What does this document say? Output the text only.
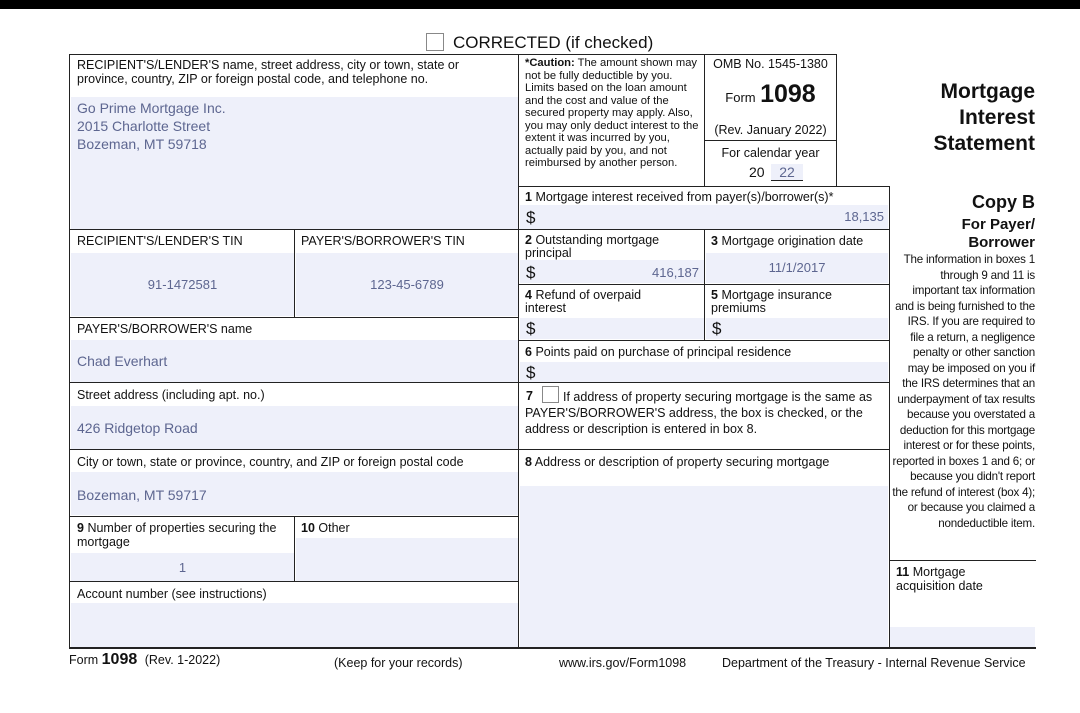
CORRECTED (if checked)
RECIPIENT'S/LENDER'S name, street address, city or town, state or province, country, ZIP or foreign postal code, and telephone no.
Go Prime Mortgage Inc.
2015 Charlotte Street
Bozeman, MT 59718
*Caution: The amount shown may not be fully deductible by you. Limits based on the loan amount and the cost and value of the secured property may apply. Also, you may only deduct interest to the extent it was incurred by you, actually paid by you, and not reimbursed by another person.
OMB No. 1545-1380
Form 1098
(Rev. January 2022)
For calendar year
20	22
Mortgage
Interest
Statement
Copy B
For Payer/
Borrower
The information in boxes 1 through 9 and 11 is important tax information and is being furnished to the IRS. If you are required to file a return, a negligence penalty or other sanction may be imposed on you if the IRS determines that an underpayment of tax results because you overstated a deduction for this mortgage interest or for these points, reported in boxes 1 and 6; or because you didn't report the refund of interest (box 4); or because you claimed a nondeductible item.
1 Mortgage interest received from payer(s)/borrower(s)*
$	18,135
RECIPIENT'S/LENDER'S TIN
91-1472581
PAYER'S/BORROWER'S TIN
123-45-6789
2 Outstanding mortgage principal
$	416,187
3 Mortgage origination date
11/1/2017
4 Refund of overpaid interest
$
5 Mortgage insurance premiums
$
PAYER'S/BORROWER'S name
Chad Everhart
6 Points paid on purchase of principal residence
$
Street address (including apt. no.)
426 Ridgetop Road
7	If address of property securing mortgage is the same as PAYER'S/BORROWER'S address, the box is checked, or the address or description is entered in box 8.
City or town, state or province, country, and ZIP or foreign postal code
Bozeman, MT 59717
8 Address or description of property securing mortgage
9 Number of properties securing the mortgage
1
10 Other
11 Mortgage acquisition date
Account number (see instructions)
Form 1098 (Rev. 1-2022)	(Keep for your records)	www.irs.gov/Form1098	Department of the Treasury - Internal Revenue Service
